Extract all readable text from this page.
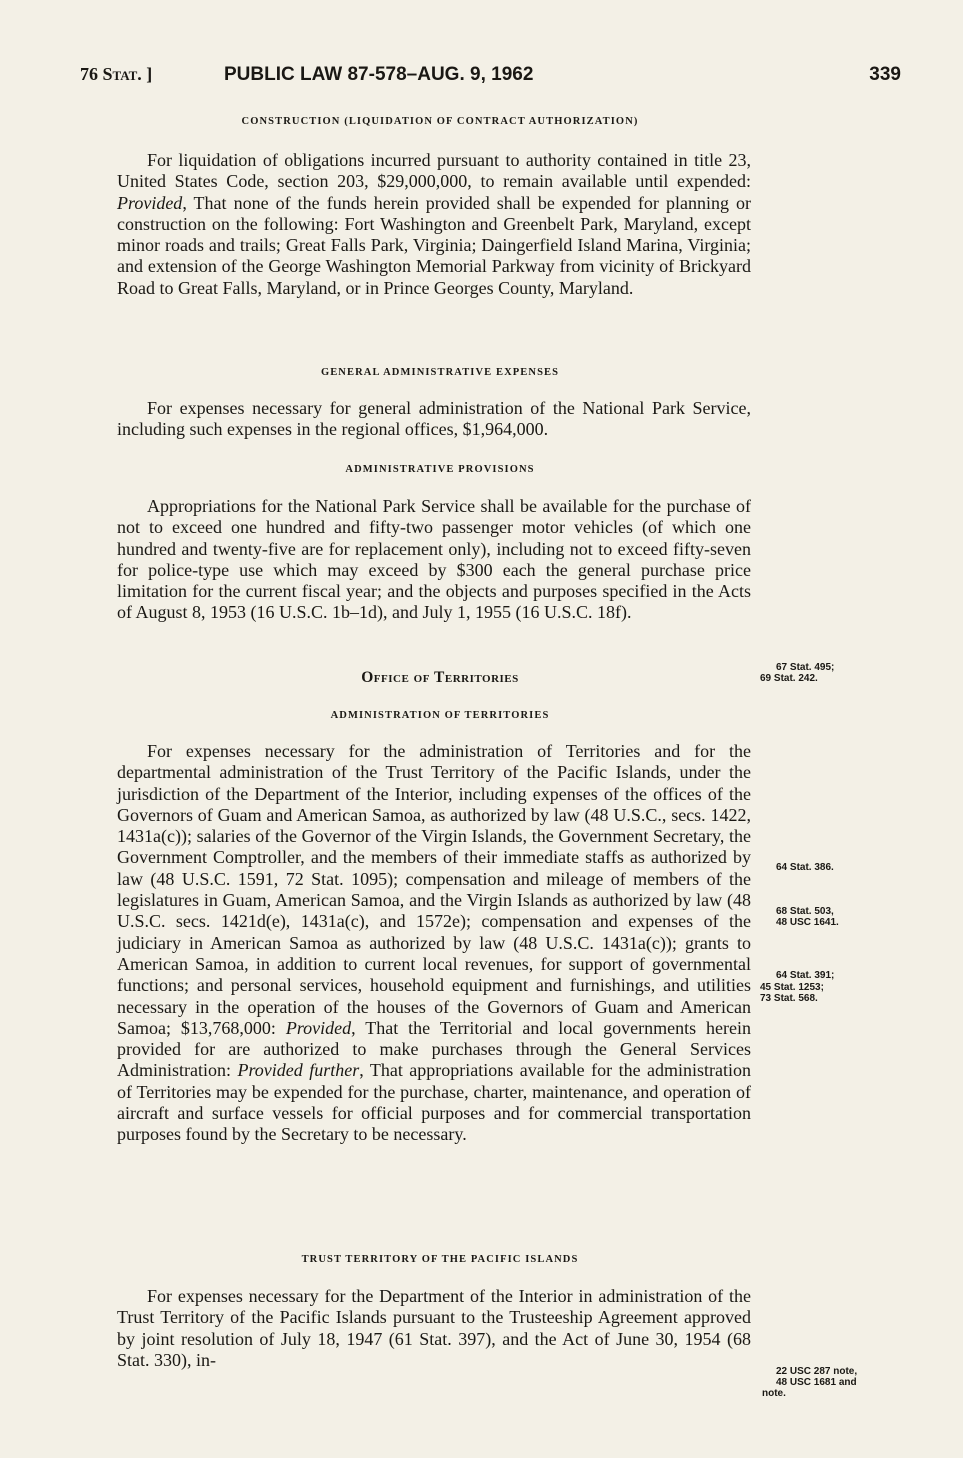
76 Stat. ]	PUBLIC LAW 87-578–AUG. 9, 1962	339
CONSTRUCTION (LIQUIDATION OF CONTRACT AUTHORIZATION)

For liquidation of obligations incurred pursuant to authority contained in title 23, United States Code, section 203, $29,000,000, to remain available until expended: Provided, That none of the funds herein provided shall be expended for planning or construction on the following: Fort Washington and Greenbelt Park, Maryland, except minor roads and trails; Great Falls Park, Virginia; Daingerfield Island Marina, Virginia; and extension of the George Washington Memorial Parkway from vicinity of Brickyard Road to Great Falls, Maryland, or in Prince Georges County, Maryland.

GENERAL ADMINISTRATIVE EXPENSES

For expenses necessary for general administration of the National Park Service, including such expenses in the regional offices, $1,964,000.

ADMINISTRATIVE PROVISIONS

Appropriations for the National Park Service shall be available for the purchase of not to exceed one hundred and fifty-two passenger motor vehicles (of which one hundred and twenty-five are for replacement only), including not to exceed fifty-seven for police-type use which may exceed by $300 each the general purchase price limitation for the current fiscal year; and the objects and purposes specified in the Acts of August 8, 1953 (16 U.S.C. 1b–1d), and July 1, 1955 (16 U.S.C. 18f).

Office of Territories
ADMINISTRATION OF TERRITORIES

For expenses necessary for the administration of Territories and for the departmental administration of the Trust Territory of the Pacific Islands, under the jurisdiction of the Department of the Interior, including expenses of the offices of the Governors of Guam and American Samoa, as authorized by law (48 U.S.C., secs. 1422, 1431a(c)); salaries of the Governor of the Virgin Islands, the Government Secretary, the Government Comptroller, and the members of their immediate staffs as authorized by law (48 U.S.C. 1591, 72 Stat. 1095); compensation and mileage of members of the legislatures in Guam, American Samoa, and the Virgin Islands as authorized by law (48 U.S.C. secs. 1421d(e), 1431a(c), and 1572e); compensation and expenses of the judiciary in American Samoa as authorized by law (48 U.S.C. 1431a(c)); grants to American Samoa, in addition to current local revenues, for support of governmental functions; and personal services, household equipment and furnishings, and utilities necessary in the operation of the houses of the Governors of Guam and American Samoa; $13,768,000: Provided, That the Territorial and local governments herein provided for are authorized to make purchases through the General Services Administration: Provided further, That appropriations available for the administration of Territories may be expended for the purchase, charter, maintenance, and operation of aircraft and surface vessels for official purposes and for commercial transportation purposes found by the Secretary to be necessary.

TRUST TERRITORY OF THE PACIFIC ISLANDS

For expenses necessary for the Department of the Interior in administration of the Trust Territory of the Pacific Islands pursuant to the Trusteeship Agreement approved by joint resolution of July 18, 1947 (61 Stat. 397), and the Act of June 30, 1954 (68 Stat. 330), in-

67 Stat. 495;
69 Stat. 242.
64 Stat. 386.
68 Stat. 503,
48 USC 1641.
64 Stat. 391;
45 Stat. 1253;
73 Stat. 568.
22 USC 287 note,
48 USC 1681 and
note.
